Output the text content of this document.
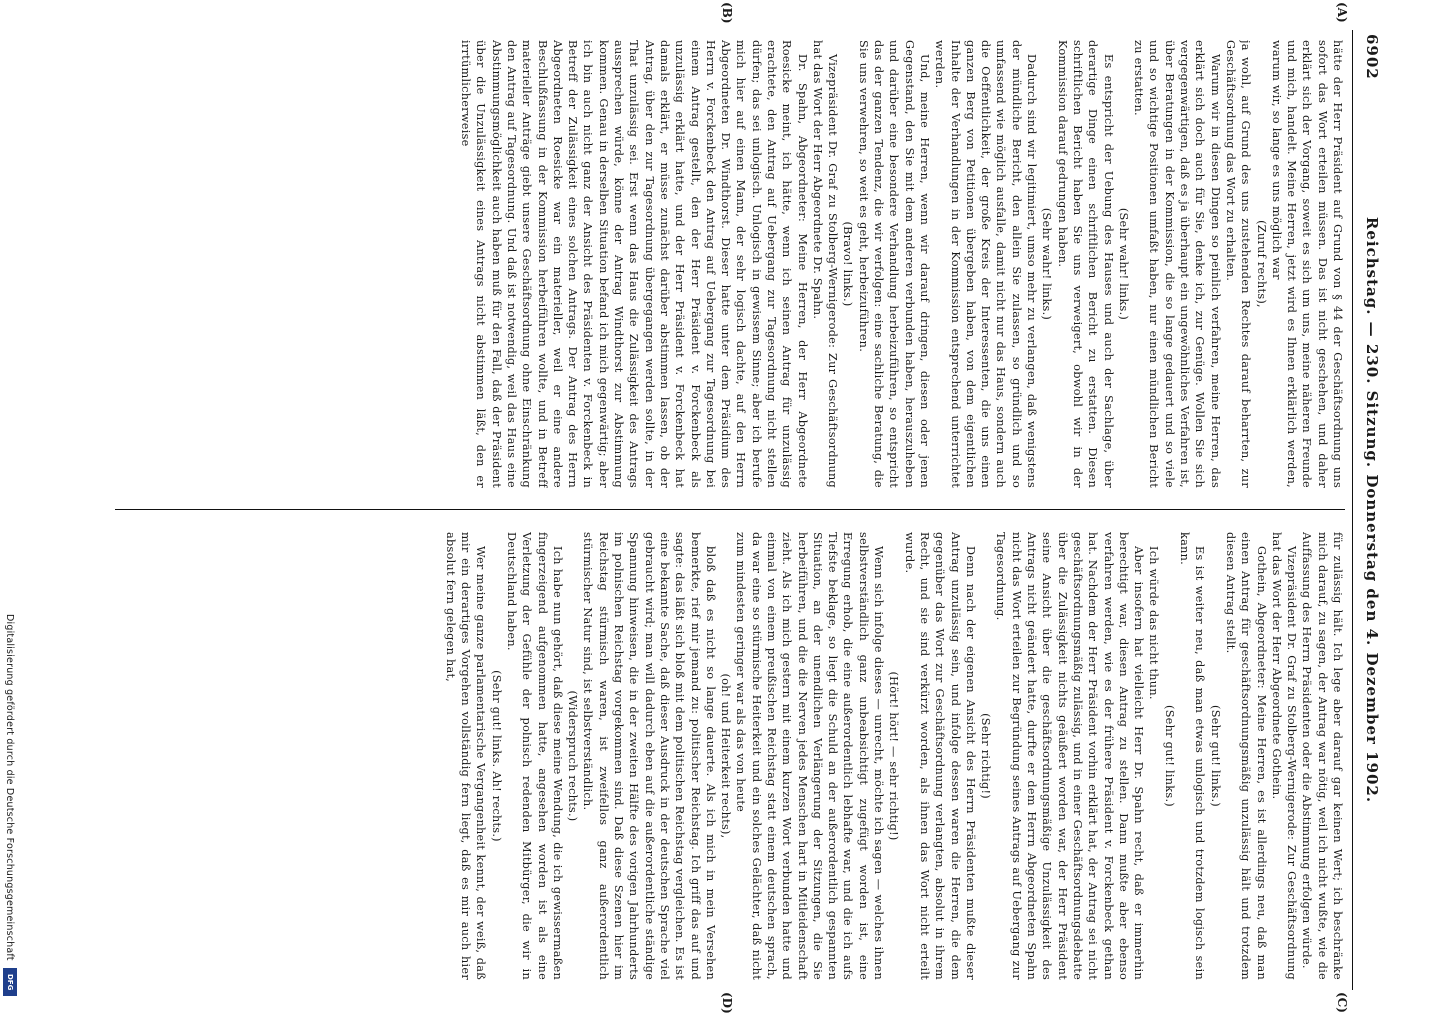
6902
Reichstag. — 230. Sitzung. Donnerstag den 4. Dezember 1902.
(A)
(B)
(C)
(D)

hätte der Herr Präsident auf Grund von § 44 der Geschäftsordnung uns sofort das Wort erteilen müssen. Das ist nicht geschehen, und daher erklärt sich der Vorgang, soweit es sich um uns, meine näheren Freunde und mich, handelt. Meine Herren, jetzt wird es Ihnen erklärlich werden, warum wir, so lange es uns möglich war

(Zuruf rechts),

ja wohl, auf Grund des uns zustehenden Rechtes darauf beharrten, zur Geschäftsordnung das Wort zu erhalten.

Warum wir in diesen Dingen so peinlich verfahren, meine Herren, das erklärt sich doch auch für Sie, denke ich, zur Genüge. Wollen Sie sich vergegenwärtigen, daß es ja überhaupt ein ungewöhnliches Verfahren ist, über Beratungen in der Kommission, die so lange gedauert und so viele und so wichtige Positionen umfaßt haben, nur einen mündlichen Bericht zu erstatten.

(Sehr wahr! links.)

Es entspricht der Uebung des Hauses und auch der Sachlage, über derartige Dinge einen schriftlichen Bericht zu erstatten. Diesen schriftlichen Bericht haben Sie uns verweigert, obwohl wir in der Kommission darauf gedrungen haben.

(Sehr wahr! links.)

Dadurch sind wir legitimiert, umso mehr zu verlangen, daß wenigstens der mündliche Bericht, den allein Sie zulassen, so gründlich und so umfassend wie möglich ausfalle, damit nicht nur das Haus, sondern auch die Oeffentlichkeit, der große Kreis der Interessenten, die uns einen ganzen Berg von Petitionen übergeben haben, von dem eigentlichen Inhalte der Verhandlungen in der Kommission entsprechend unterrichtet werden.

Und, meine Herren, wenn wir darauf dringen, diesen oder jenen Gegenstand, den Sie mit dem anderen verbunden haben, herauszuheben und darüber eine besondere Verhandlung herbeizuführen, so entspricht das der ganzen Tendenz, die wir verfolgen: eine sachliche Beratung, die Sie uns verwehren, so weit es geht, herbeizuführen.

(Bravo! links.)

Vizepräsident Dr. Graf zu Stolberg-Wernigerode: Zur Geschäftsordnung hat das Wort der Herr Abgeordnete Dr. Spahn.

Dr. Spahn, Abgeordneter: Meine Herren, der Herr Abgeordnete Roesicke meint, ich hätte, wenn ich seinen Antrag für unzulässig erachtete, den Antrag auf Uebergang zur Tagesordnung nicht stellen dürfen; das sei unlogisch. Unlogisch in gewissem Sinne; aber ich berufe mich hier auf einen Mann, der sehr logisch dachte, auf den Herrn Abgeordneten Dr. Windthorst. Dieser hatte unter dem Präsidium des Herrn v. Forckenbeck den Antrag auf Uebergang zur Tagesordnung bei einem Antrag gestellt, den der Herr Präsident v. Forckenbeck als unzulässig erklärt hatte, und der Herr Präsident v. Forckenbeck hat damals erklärt, er müsse zunächst darüber abstimmen lassen, ob der Antrag, über den zur Tagesordnung übergegangen werden sollte, in der That unzulässig sei. Erst wenn das Haus die Zulässigkeit des Antrags aussprechen würde, könne der Antrag Windthorst zur Abstimmung kommen. Genau in derselben Situation befand ich mich gegenwärtig; aber ich bin auch nicht ganz der Ansicht des Präsidenten v. Forckenbeck in Betreff der Zulässigkeit eines solchen Antrags. Der Antrag des Herrn Abgeordneten Roesicke war ein materieller, weil er eine andere Beschlußfassung in der Kommission herbeiführen wollte, und in Betreff materieller Anträge giebt unsere Geschäftsordnung ohne Einschränkung den Antrag auf Tagesordnung. Und daß ist notwendig, weil das Haus eine Abstimmungsmöglichkeit auch haben muß für den Fall, daß der Präsident über die Unzulässigkeit eines Antrags nicht abstimmen läßt, den er irrtümlicherweise

für zulässig hält. Ich lege aber darauf gar keinen Wert; ich beschränke mich darauf, zu sagen, der Antrag war nötig, weil ich nicht wußte, wie die Auffassung des Herrn Präsidenten oder die Abstimmung erfolgen würde.

Vizepräsident Dr. Graf zu Stolberg-Wernigerode: Zur Geschäftsordnung hat das Wort der Herr Abgeordnete Gothein.

Gothein, Abgeordneter: Meine Herren, es ist allerdings neu, daß man einen Antrag für geschäftsordnungsmäßig unzulässig hält und trotzdem diesen Antrag stellt.

(Sehr gut! links.)

Es ist weiter neu, daß man etwas unlogisch und trotzdem logisch sein kann.

(Sehr gut! links.)

Ich würde das nicht thun.

Aber insofern hat vielleicht Herr Dr. Spahn recht, daß er immerhin berechtigt war, diesen Antrag zu stellen. Dann mußte aber ebenso verfahren werden, wie es der frühere Präsident v. Forckenbeck gethan hat. Nachdem der Herr Präsident vorhin erklärt hat, der Antrag sei nicht geschäftsordnungsmäßig zulässig, und in einer Geschäftsordnungsdebatte über die Zulässigkeit nichts geäußert worden war, der Herr Präsident seine Ansicht über die geschäftsordnungsmäßige Unzulässigkeit des Antrags nicht geändert hatte, durfte er dem Herrn Abgeordneten Spahn nicht das Wort erteilen zur Begründung seines Antrags auf Uebergang zur Tagesordnung.

(Sehr richtig!)

Denn nach der eigenen Ansicht des Herrn Präsidenten mußte dieser Antrag unzulässig sein, und infolge dessen waren die Herren, die dem gegenüber das Wort zur Geschäftsordnung verlangten, absolut in ihrem Recht, und sie sind verkürzt worden, als ihnen das Wort nicht erteilt wurde.

(Hört! hört! — sehr richtig!)

Wenn sich infolge dieses — unrecht, möchte ich sagen — welches ihnen selbstverständlich ganz unbeabsichtigt zugefügt worden ist, eine Erregung erhob, die eine außerordentlich lebhafte war, und die ich aufs Tiefste beklage, so liegt die Schuld an der außerordentlich gespannten Situation, an der unendlichen Verlängerung der Sitzungen, die Sie herbeiführen, und die die Nerven jedes Menschen hart in Mitleidenschaft zieht. Als ich mich gestern mit einem kurzen Wort verbunden hatte und einmal von einem preußischen Reichstag statt einem deutschen sprach, da war eine so stürmische Heiterkeit und ein solches Gelächter, daß nicht zum mindesten geringer war als das von heute

(oh! und Heiterkeit rechts),

bloß daß es nicht so lange dauerte. Als ich mich in mein Versehen bemerkte, rief mir jemand zu: politischer Reichstag. Ich griff das auf und sagte: das läßt sich bloß mit dem politischen Reichstag vergleichen. Es ist eine bekannte Sache, daß dieser Ausdruck in der deutschen Sprache viel gebraucht wird; man will dadurch eben auf die außerordentliche ständige Spannung hinweisen, die in der zweiten Hälfte des vorigen Jahrhunderts im polnischen Reichstag vorgekommen sind. Daß diese Szenen hier im Reichstag stürmisch waren, ist zweifellos ganz außerordentlich stürmischer Natur sind, ist selbstverständlich.

(Widerspruch rechts.)

Ich habe nun gehört, daß diese meine Wendung, die ich gewissermaßen fingerzeigend aufgenommen hatte, angesehen worden ist als eine Verletzung der Gefühle der polnisch redenden Mitbürger, die wir in Deutschland haben.

(Sehr gut! links. Ah! rechts.)

Wer meine ganze parlamentarische Vergangenheit kennt, der weiß, daß mir ein derartiges Vorgehen vollständig fern liegt, daß es mir auch hier absolut fern gelegen hat,

Digitalisierung gefördert durch die Deutsche Forschungsgemeinschaft
DFG
